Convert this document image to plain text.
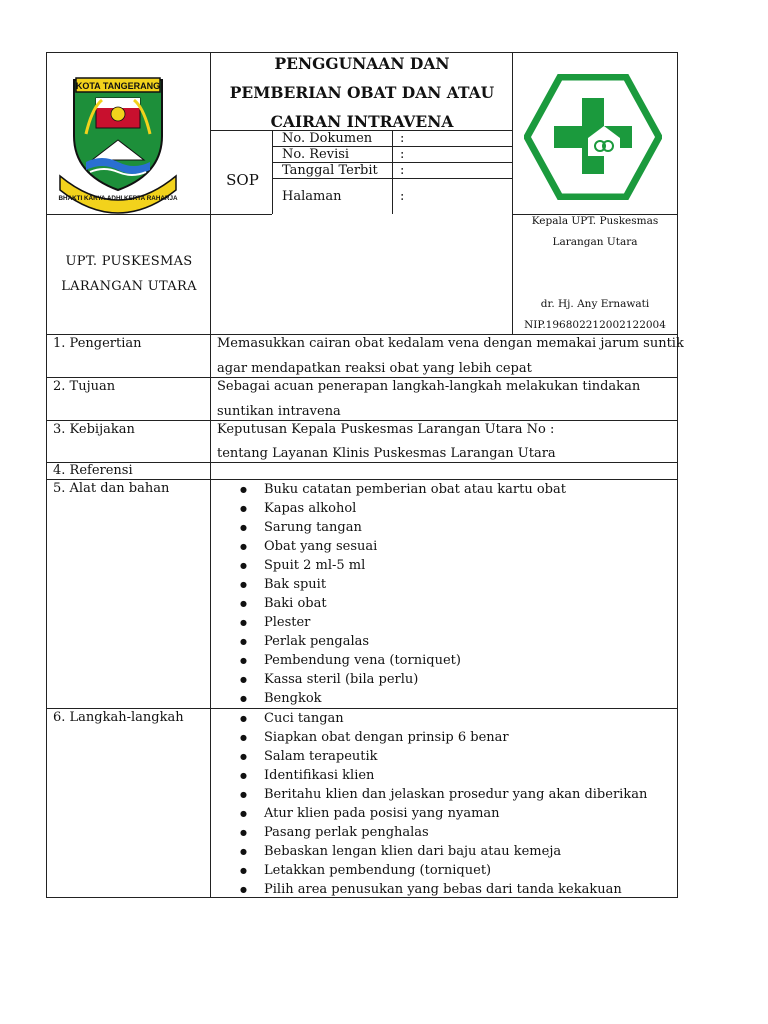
KOTA TANGERANG
BHAKTI KARYA ADHI KERTA RAHARJA
PENGGUNAAN DAN
PEMBERIAN OBAT DAN ATAU
CAIRAN INTRAVENA
SOP
No. Dokumen :
No. Revisi	:
Tanggal Terbit :
Halaman	:
UPT. PUSKESMAS
LARANGAN UTARA
Kepala UPT. Puskesmas
Larangan Utara
dr. Hj. Any Ernawati
NIP.196802212002122004
1. Pengertian	Memasukkan cairan obat kedalam vena dengan memakai jarum suntik
agar mendapatkan reaksi obat yang lebih cepat
2. Tujuan	Sebagai acuan penerapan langkah-langkah melakukan tindakan
suntikan intravena
3. Kebijakan	Keputusan Kepala Puskesmas Larangan Utara No :
tentang Layanan Klinis Puskesmas Larangan Utara
4. Referensi
5. Alat dan bahan	● Buku catatan pemberian obat atau kartu obat
● Kapas alkohol
● Sarung tangan
● Obat yang sesuai
● Spuit 2 ml-5 ml
● Bak spuit
● Baki obat
● Plester
● Perlak pengalas
● Pembendung vena (torniquet)
● Kassa steril (bila perlu)
● Bengkok
6. Langkah-langkah	● Cuci tangan
● Siapkan obat dengan prinsip 6 benar
● Salam terapeutik
● Identifikasi klien
● Beritahu klien dan jelaskan prosedur yang akan diberikan
● Atur klien pada posisi yang nyaman
● Pasang perlak penghalas
● Bebaskan lengan klien dari baju atau kemeja
● Letakkan pembendung (torniquet)
● Pilih area penusukan yang bebas dari tanda kekakuan
